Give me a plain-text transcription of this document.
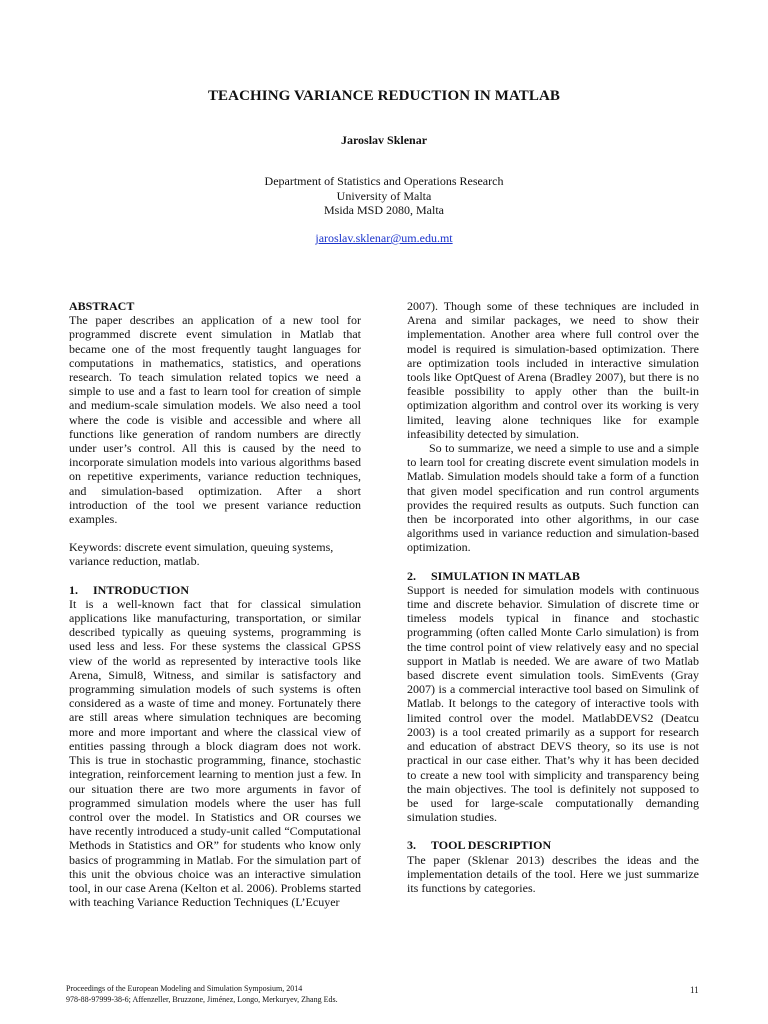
TEACHING VARIANCE REDUCTION IN MATLAB
Jaroslav Sklenar
Department of Statistics and Operations Research
University of Malta
Msida MSD 2080, Malta
jaroslav.sklenar@um.edu.mt

ABSTRACT

The paper describes an application of a new tool for programmed discrete event simulation in Matlab that became one of the most frequently taught languages for computations in mathematics, statistics, and operations research. To teach simulation related topics we need a simple to use and a fast to learn tool for creation of simple and medium-scale simulation models. We also need a tool where the code is visible and accessible and where all functions like generation of random numbers are directly under user’s control. All this is caused by the need to incorporate simulation models into various algorithms based on repetitive experiments, variance reduction techniques, and simulation-based optimization. After a short introduction of the tool we present variance reduction examples.

Keywords: discrete event simulation, queuing systems, variance reduction, matlab.

1. INTRODUCTION

It is a well-known fact that for classical simulation applications like manufacturing, transportation, or similar described typically as queuing systems, programming is used less and less. For these systems the classical GPSS view of the world as represented by interactive tools like Arena, Simul8, Witness, and similar is satisfactory and programming simulation models of such systems is often considered as a waste of time and money. Fortunately there are still areas where simulation techniques are becoming more and more important and where the classical view of entities passing through a block diagram does not work. This is true in stochastic programming, finance, stochastic integration, reinforcement learning to mention just a few. In our situation there are two more arguments in favor of programmed simulation models where the user has full control over the model. In Statistics and OR courses we have recently introduced a study-unit called “Computational Methods in Statistics and OR” for students who know only basics of programming in Matlab. For the simulation part of this unit the obvious choice was an interactive simulation tool, in our case Arena (Kelton et al. 2006). Problems started with teaching Variance Reduction Techniques (L’Ecuyer

2007). Though some of these techniques are included in Arena and similar packages, we need to show their implementation. Another area where full control over the model is required is simulation-based optimization. There are optimization tools included in interactive simulation tools like OptQuest of Arena (Bradley 2007), but there is no feasible possibility to apply other than the built-in optimization algorithm and control over its working is very limited, leaving alone techniques like for example infeasibility detected by simulation.

So to summarize, we need a simple to use and a simple to learn tool for creating discrete event simulation models in Matlab. Simulation models should take a form of a function that given model specification and run control arguments provides the required results as outputs. Such function can then be incorporated into other algorithms, in our case algorithms used in variance reduction and simulation-based optimization.

2. SIMULATION IN MATLAB

Support is needed for simulation models with continuous time and discrete behavior. Simulation of discrete time or timeless models typical in finance and stochastic programming (often called Monte Carlo simulation) is from the time control point of view relatively easy and no special support in Matlab is needed. We are aware of two Matlab based discrete event simulation tools. SimEvents (Gray 2007) is a commercial interactive tool based on Simulink of Matlab. It belongs to the category of interactive tools with limited control over the model. MatlabDEVS2 (Deatcu 2003) is a tool created primarily as a support for research and education of abstract DEVS theory, so its use is not practical in our case either. That’s why it has been decided to create a new tool with simplicity and transparency being the main objectives. The tool is definitely not supposed to be used for large-scale computationally demanding simulation studies.

3. TOOL DESCRIPTION

The paper (Sklenar 2013) describes the ideas and the implementation details of the tool. Here we just summarize its functions by categories.

Proceedings of the European Modeling and Simulation Symposium, 2014
978-88-97999-38-6; Affenzeller, Bruzzone, Jiménez, Longo, Merkuryev, Zhang Eds.
11
